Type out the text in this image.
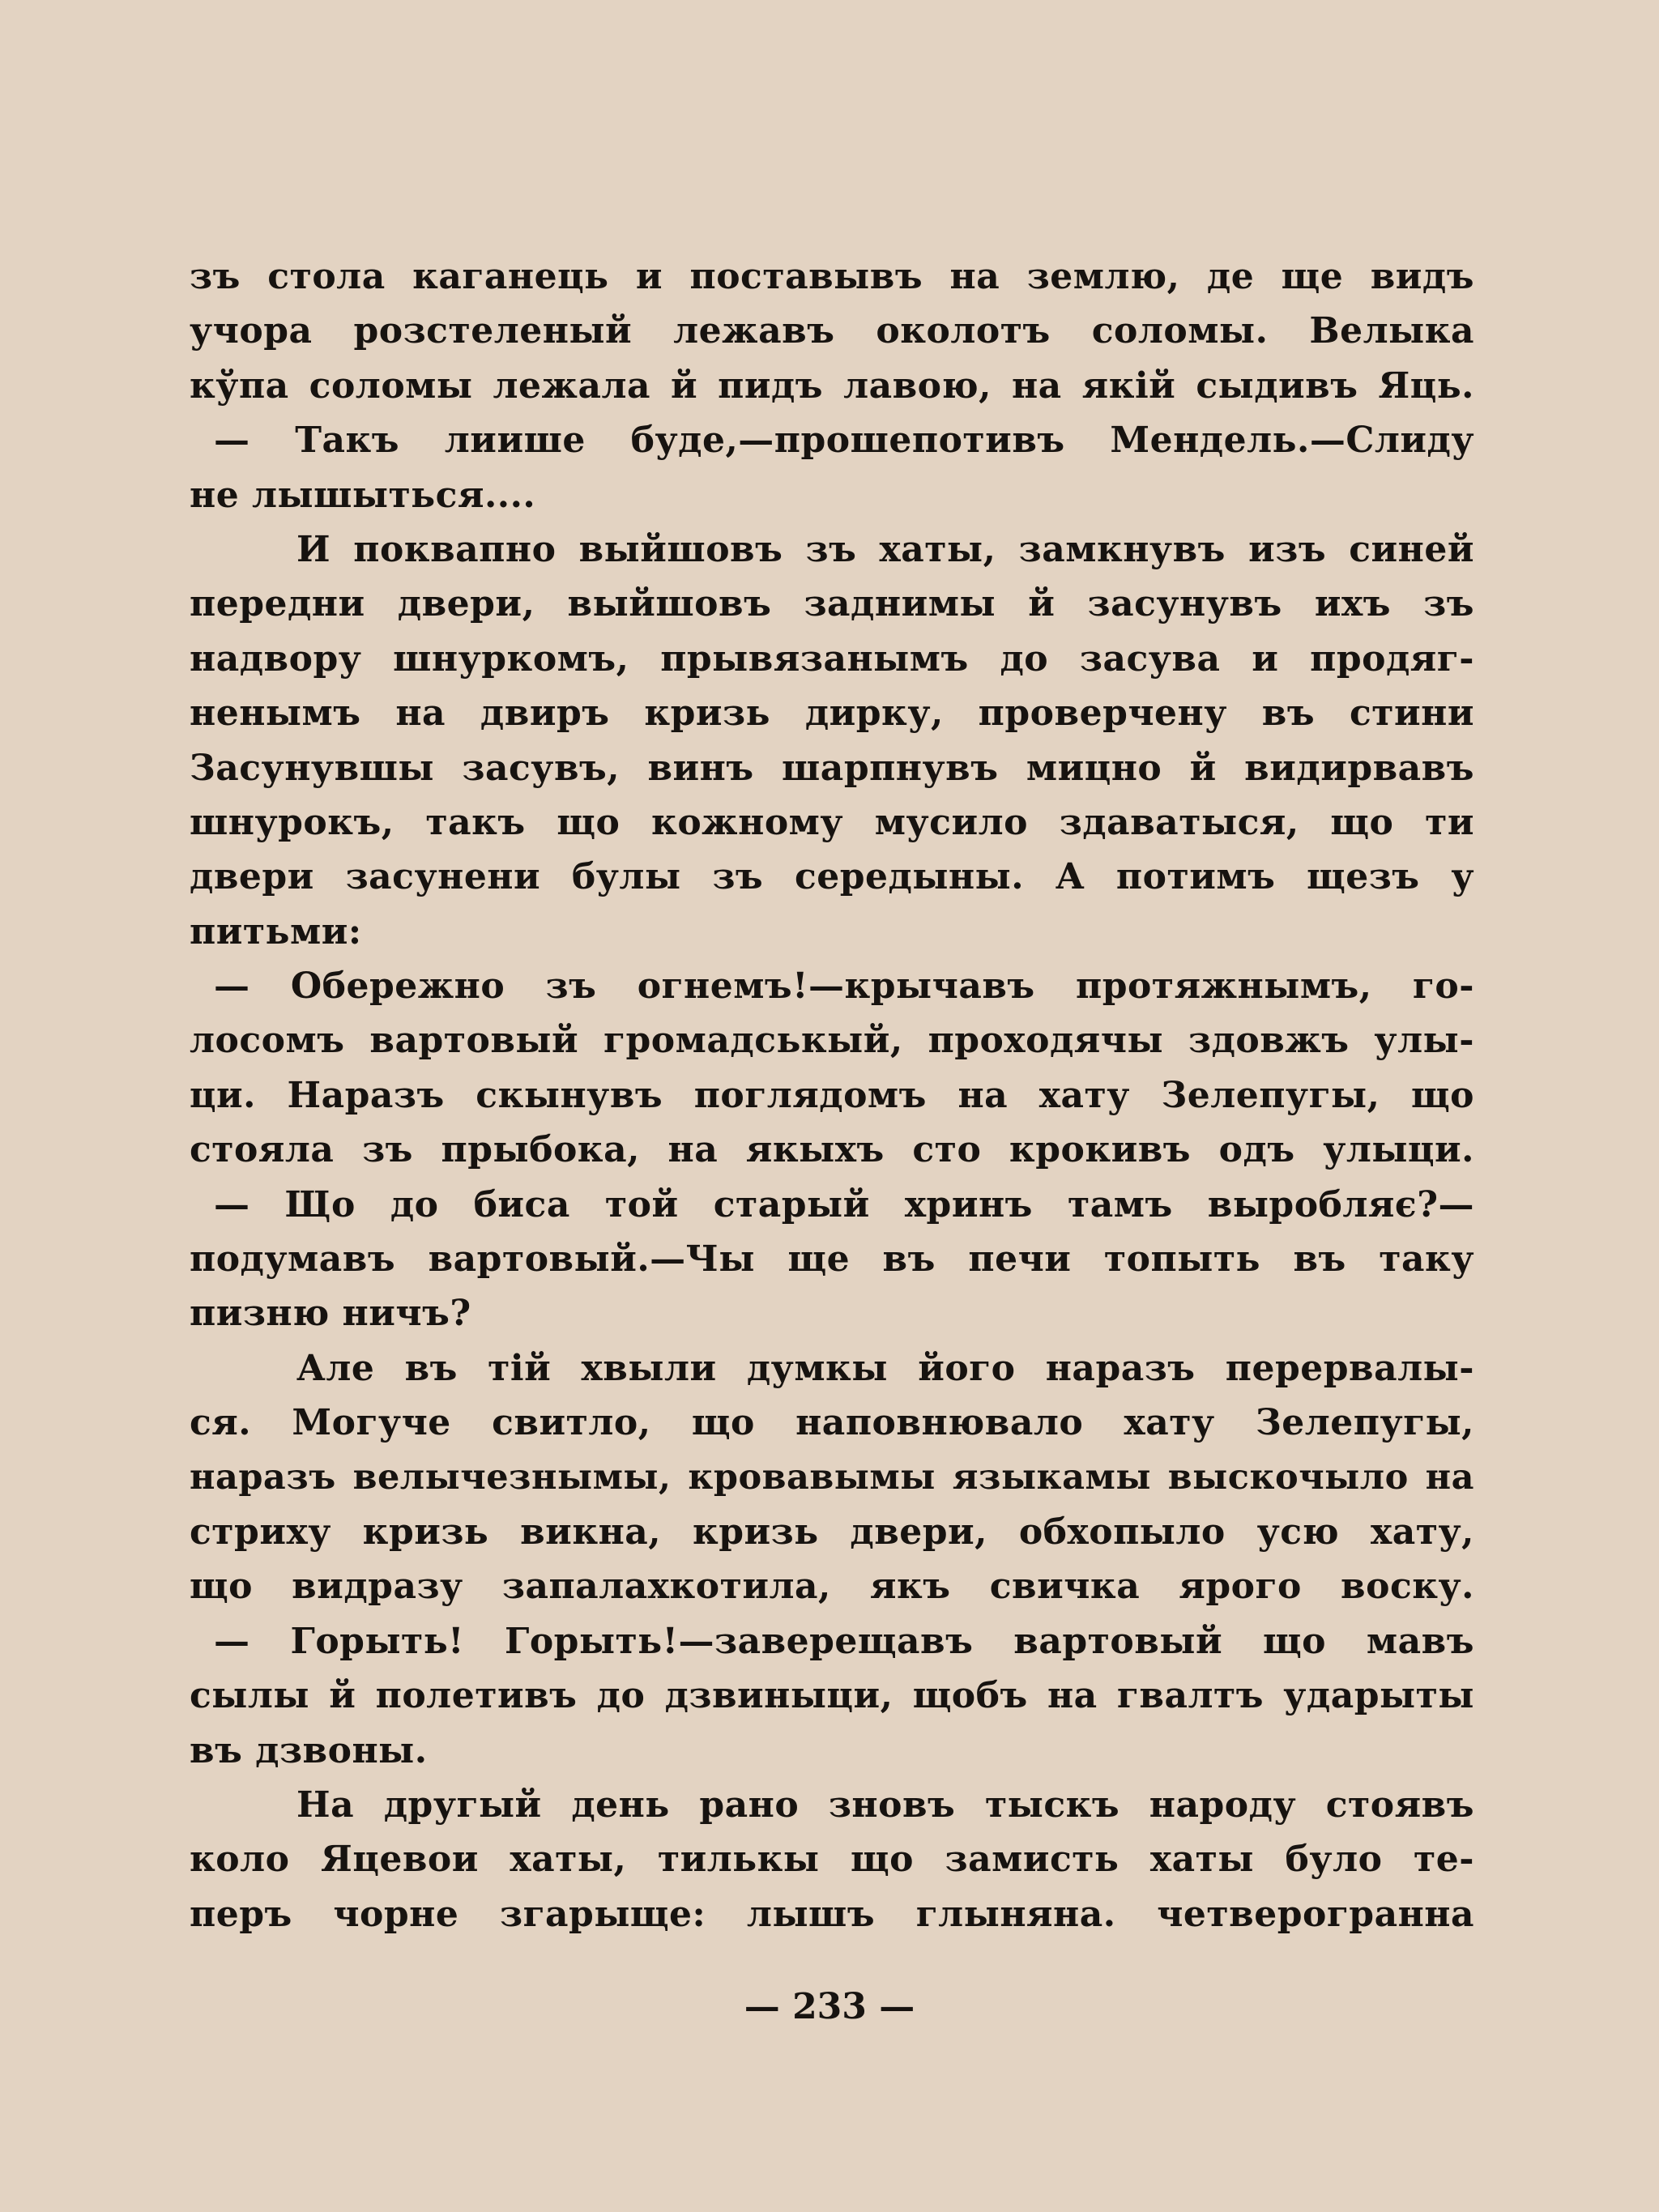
зъ стола каганець и поставывъ на землю, де ще видъ
учора розстеленый лежавъ околотъ соломы. Велыка
кўпа соломы лежала й пидъ лавою, на якій сыдивъ Яць.
— Такъ лиише буде,—прошепотивъ Мендель.—Слиду
не лышыться....
И поквапно выйшовъ зъ хаты, замкнувъ изъ синей
передни двери, выйшовъ заднимы й засунувъ ихъ зъ
надвору шнуркомъ, прывязанымъ до засува и продяг-
ненымъ на двиръ кризь дирку, проверчену въ стини
Засунувшы засувъ, винъ шарпнувъ мицно й видирвавъ
шнурокъ, такъ що кожному мусило здаватыся, що ти
двери засунени булы зъ середыны. А потимъ щезъ у
питьми:
— Обережно зъ огнемъ!—крычавъ протяжнымъ, го-
лосомъ вартовый громадськый, проходячы здовжъ улы-
ци. Наразъ скынувъ поглядомъ на хату Зелепугы, що
стояла зъ прыбока, на якыхъ сто крокивъ одъ улыци.
— Що до биса той старый хринъ тамъ выробляє?—
подумавъ вартовый.—Чы ще въ печи топыть въ таку
пизню ничъ?
Але въ тій хвыли думкы його наразъ перервалы-
ся. Могуче свитло, що наповнювало хату Зелепугы,
наразъ велычезнымы, кровавымы языкамы выскочыло на
стриху кризь викна, кризь двери, обхопыло усю хату,
що видразу запалахкотила, якъ свичка ярого воску.
— Горыть! Горыть!—заверещавъ вартовый що мавъ
сылы й полетивъ до дзвиныци, щобъ на гвалтъ ударыты
въ дзвоны.
На другый день рано зновъ тыскъ народу стоявъ
коло Яцевои хаты, тилькы що замисть хаты було те-
перъ чорне згарыще: лышъ глыняна. четверогранна
— 233 —
